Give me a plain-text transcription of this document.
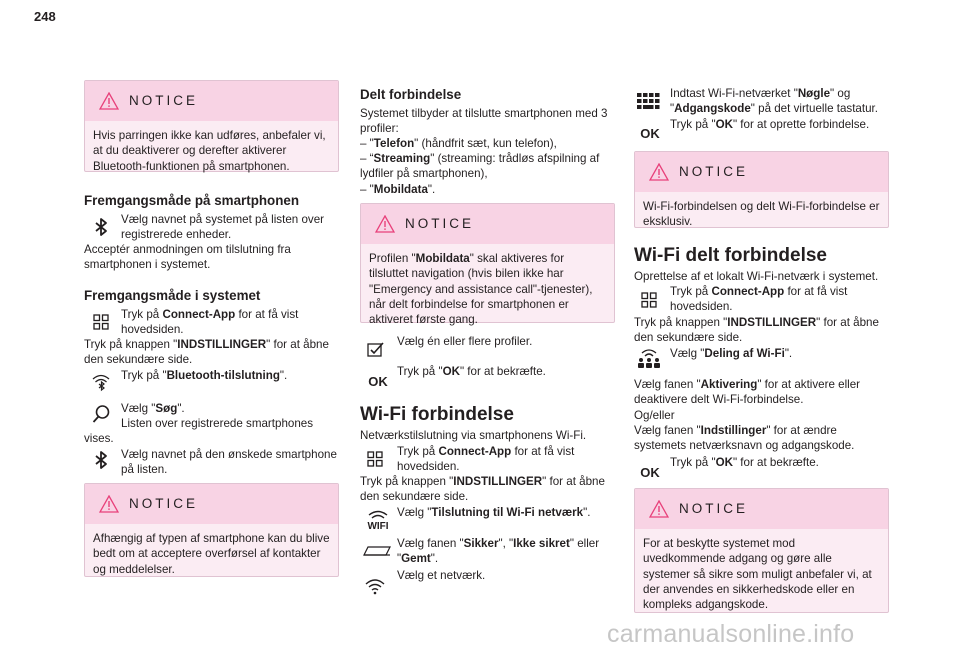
248
NOTICE
Hvis parringen ikke kan udføres, anbefaler vi, at du deaktiverer og derefter aktiverer Bluetooth-funktionen på smartphonen.
Fremgangsmåde på smartphonen
Vælg navnet på systemet på listen over registrerede enheder.
Acceptér anmodningen om tilslutning fra smartphonen i systemet.
Fremgangsmåde i systemet
Tryk på Connect-App for at få vist hovedsiden.
Tryk på knappen "INDSTILLINGER" for at åbne den sekundære side.
Tryk på "Bluetooth-tilslutning".
Vælg "Søg".
Listen over registrerede smartphones vises.
Vælg navnet på den ønskede smartphone på listen.
NOTICE
Afhængig af typen af smartphone kan du blive bedt om at acceptere overførsel af kontakter og meddelelser.
Delt forbindelse
Systemet tilbyder at tilslutte smartphonen med 3 profiler:
– "Telefon" (håndfrit sæt, kun telefon),
– “Streaming" (streaming: trådløs afspilning af lydfiler på smartphonen),
– "Mobildata".
NOTICE
Profilen "Mobildata" skal aktiveres for tilsluttet navigation (hvis bilen ikke har "Emergency and assistance call"-tjenester), når delt forbindelse for smartphonen er aktiveret første gang.
Vælg én eller flere profiler.
OK
Tryk på "OK" for at bekræfte.
Wi-Fi forbindelse
Netværkstilslutning via smartphonens Wi-Fi.
Tryk på Connect-App for at få vist hovedsiden.
Tryk på knappen "INDSTILLINGER" for at åbne den sekundære side.
WIFI
Vælg "Tilslutning til Wi-Fi netværk".
Vælg fanen "Sikker", "Ikke sikret" eller "Gemt".
Vælg et netværk.
Indtast Wi-Fi-netværket "Nøgle" og "Adgangskode" på det virtuelle tastatur.
OK
Tryk på "OK" for at oprette forbindelse.
NOTICE
Wi-Fi-forbindelsen og delt Wi-Fi-forbindelse er eksklusiv.
Wi-Fi delt forbindelse
Oprettelse af et lokalt Wi-Fi-netværk i systemet.
Tryk på Connect-App for at få vist hovedsiden.
Tryk på knappen "INDSTILLINGER" for at åbne den sekundære side.
Vælg "Deling af Wi-Fi".
Vælg fanen "Aktivering" for at aktivere eller deaktivere delt Wi-Fi-forbindelse.
Og/eller
Vælg fanen "Indstillinger" for at ændre systemets netværksnavn og adgangskode.
OK
Tryk på "OK" for at bekræfte.
NOTICE
For at beskytte systemet mod uvedkommende adgang og gøre alle systemer så sikre som muligt anbefaler vi, at der anvendes en sikkerhedskode eller en kompleks adgangskode.
carmanualsonline.info
